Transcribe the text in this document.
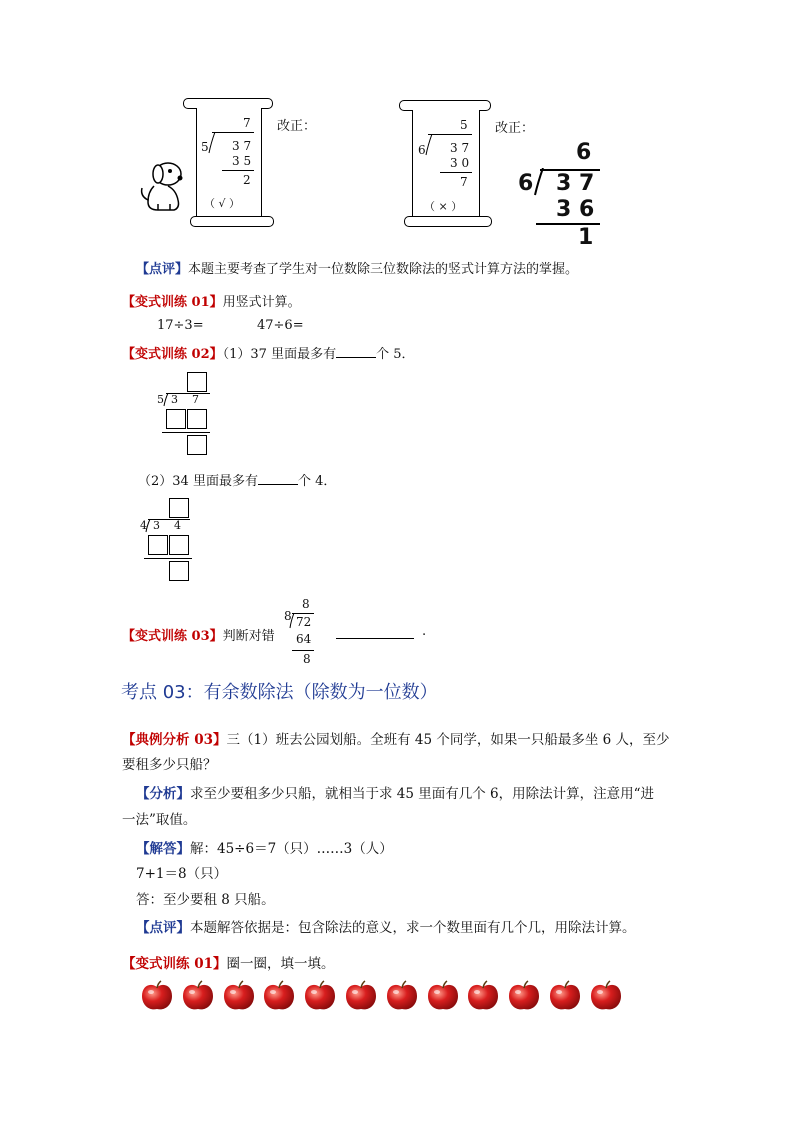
7
5 3 7
3 5
2
（ √ ）
改正：	5
6 3 7
3 0
7
（ × ）
改正：
6
6 3 7
3 6
1
【点评】本题主要考查了学生对一位数除三位数除法的竖式计算方法的掌握。
【变式训练 01】用竖式计算。
17÷3=	47÷6=
【变式训练 02】（1）37 里面最多有	个 5．
5 3    7
（2）34 里面最多有	个 4．
4 3    4
【变式训练 03】判断对错
8
8 72
64
8
.
考点 03：有余数除法（除数为一位数）
【典例分析 03】三（1）班去公园划船。全班有 45 个同学，如果一只船最多坐 6 人，至少
要租多少只船？
【分析】求至少要租多少只船，就相当于求 45 里面有几个 6，用除法计算，注意用“进
一法”取值。
【解答】解：45÷6＝7（只）……3（人）
7+1＝8（只）
答：至少要租 8 只船。
【点评】本题解答依据是：包含除法的意义，求一个数里面有几个几，用除法计算。
【变式训练 01】圈一圈，填一填。
